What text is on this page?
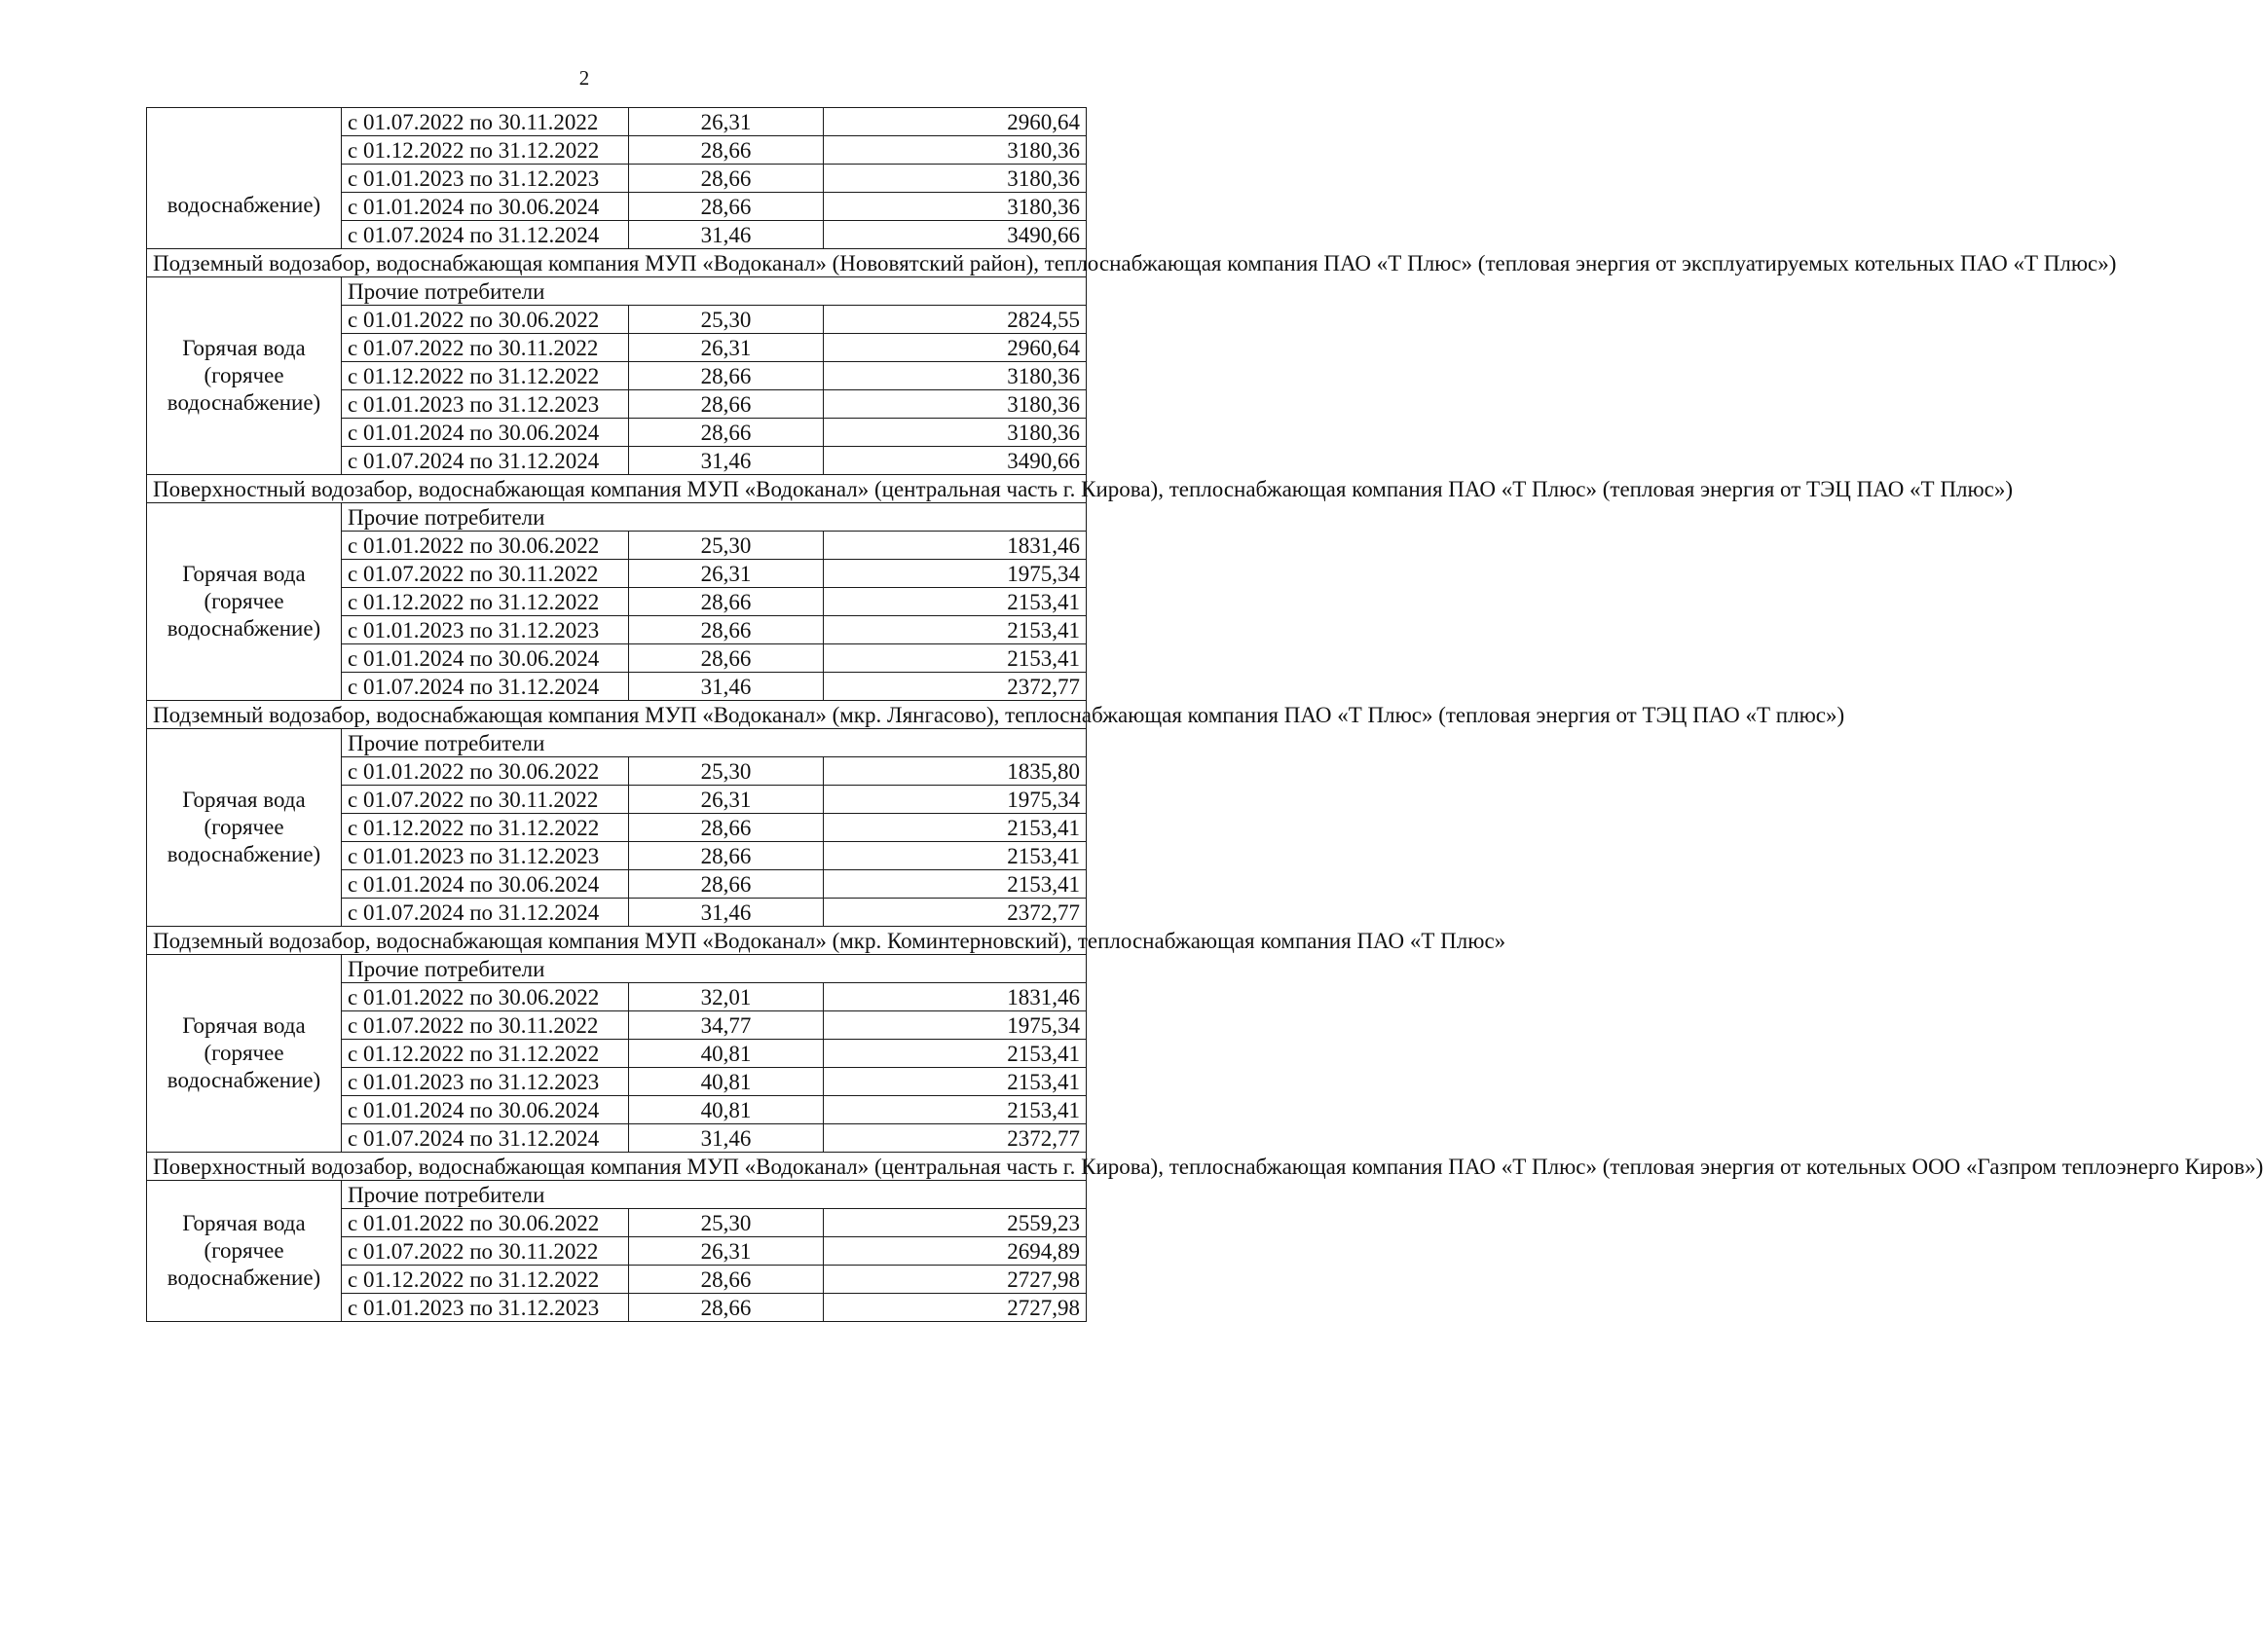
2

водоснабжение)	с 01.07.2022 по 30.11.2022	26,31	2960,64
	с 01.12.2022 по 31.12.2022	28,66	3180,36
	с 01.01.2023 по 31.12.2023	28,66	3180,36
	с 01.01.2024 по 30.06.2024	28,66	3180,36
	с 01.07.2024 по 31.12.2024	31,46	3490,66
Подземный водозабор, водоснабжающая компания МУП «Водоканал» (Нововятский район), теплоснабжающая компания ПАО «Т Плюс» (тепловая энергия от эксплуатируемых котельных ПАО «Т Плюс»)			

Горячая вода
(горячее
водоснабжение)	Прочие потребители		
	с 01.01.2022 по 30.06.2022	25,30	2824,55
	с 01.07.2022 по 30.11.2022	26,31	2960,64
	с 01.12.2022 по 31.12.2022	28,66	3180,36
	с 01.01.2023 по 31.12.2023	28,66	3180,36
	с 01.01.2024 по 30.06.2024	28,66	3180,36
	с 01.07.2024 по 31.12.2024	31,46	3490,66
Поверхностный водозабор, водоснабжающая компания МУП «Водоканал» (центральная часть г. Кирова), теплоснабжающая компания ПАО «Т Плюс» (тепловая энергия от ТЭЦ ПАО «Т Плюс»)			

Горячая вода
(горячее
водоснабжение)	Прочие потребители		
	с 01.01.2022 по 30.06.2022	25,30	1831,46
	с 01.07.2022 по 30.11.2022	26,31	1975,34
	с 01.12.2022 по 31.12.2022	28,66	2153,41
	с 01.01.2023 по 31.12.2023	28,66	2153,41
	с 01.01.2024 по 30.06.2024	28,66	2153,41
	с 01.07.2024 по 31.12.2024	31,46	2372,77
Подземный водозабор, водоснабжающая компания МУП «Водоканал» (мкр. Лянгасово), теплоснабжающая компания ПАО «Т Плюс» (тепловая энергия от ТЭЦ ПАО «Т плюс»)			

Горячая вода
(горячее
водоснабжение)	Прочие потребители		
	с 01.01.2022 по 30.06.2022	25,30	1835,80
	с 01.07.2022 по 30.11.2022	26,31	1975,34
	с 01.12.2022 по 31.12.2022	28,66	2153,41
	с 01.01.2023 по 31.12.2023	28,66	2153,41
	с 01.01.2024 по 30.06.2024	28,66	2153,41
	с 01.07.2024 по 31.12.2024	31,46	2372,77
Подземный водозабор, водоснабжающая компания МУП «Водоканал» (мкр. Коминтерновский), теплоснабжающая компания ПАО «Т Плюс»			

Горячая вода
(горячее
водоснабжение)	Прочие потребители		
	с 01.01.2022 по 30.06.2022	32,01	1831,46
	с 01.07.2022 по 30.11.2022	34,77	1975,34
	с 01.12.2022 по 31.12.2022	40,81	2153,41
	с 01.01.2023 по 31.12.2023	40,81	2153,41
	с 01.01.2024 по 30.06.2024	40,81	2153,41
	с 01.07.2024 по 31.12.2024	31,46	2372,77
Поверхностный водозабор, водоснабжающая компания МУП «Водоканал» (центральная часть г. Кирова), теплоснабжающая компания ПАО «Т Плюс» (тепловая энергия от котельных ООО «Газпром теплоэнерго Киров»)			

Горячая вода
(горячее
водоснабжение)	Прочие потребители		
	с 01.01.2022 по 30.06.2022	25,30	2559,23
	с 01.07.2022 по 30.11.2022	26,31	2694,89
	с 01.12.2022 по 31.12.2022	28,66	2727,98
	с 01.01.2023 по 31.12.2023	28,66	2727,98
